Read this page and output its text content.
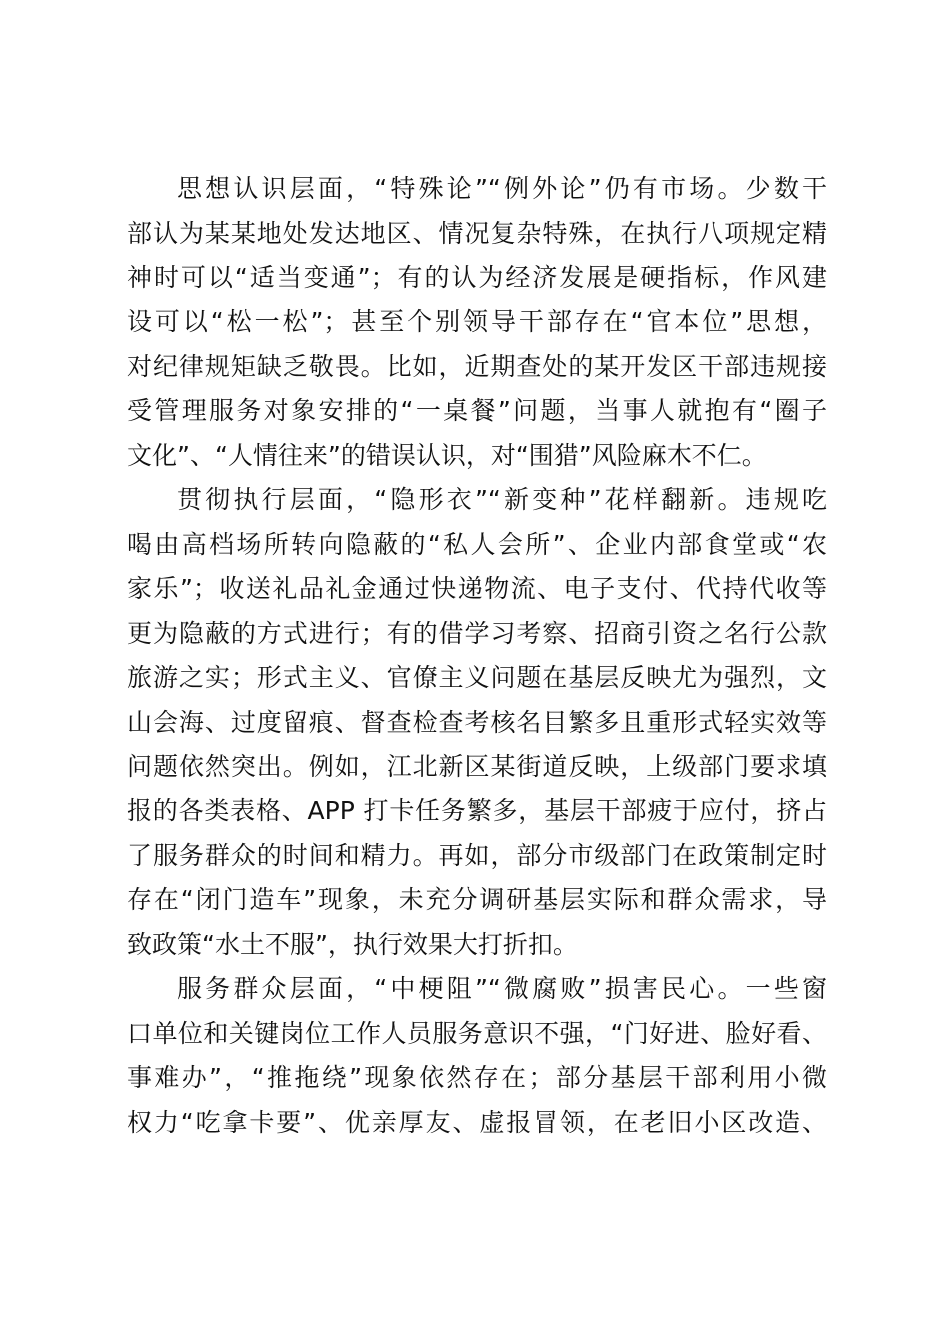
思想认识层面，“特殊论”“例外论”仍有市场。少数干
部认为某某地处发达地区、情况复杂特殊，在执行八项规定精
神时可以“适当变通”；有的认为经济发展是硬指标，作风建
设可以“松一松”；甚至个别领导干部存在“官本位”思想，
对纪律规矩缺乏敬畏。比如，近期查处的某开发区干部违规接
受管理服务对象安排的“一桌餐”问题，当事人就抱有“圈子
文化”、“人情往来”的错误认识，对“围猎”风险麻木不仁。
贯彻执行层面，“隐形衣”“新变种”花样翻新。违规吃
喝由高档场所转向隐蔽的“私人会所”、企业内部食堂或“农
家乐”；收送礼品礼金通过快递物流、电子支付、代持代收等
更为隐蔽的方式进行；有的借学习考察、招商引资之名行公款
旅游之实；形式主义、官僚主义问题在基层反映尤为强烈，文
山会海、过度留痕、督查检查考核名目繁多且重形式轻实效等
问题依然突出。例如，江北新区某街道反映，上级部门要求填
报的各类表格、APP 打卡任务繁多，基层干部疲于应付，挤占
了服务群众的时间和精力。再如，部分市级部门在政策制定时
存在“闭门造车”现象，未充分调研基层实际和群众需求，导
致政策“水土不服”，执行效果大打折扣。
服务群众层面，“中梗阻”“微腐败”损害民心。一些窗
口单位和关键岗位工作人员服务意识不强，“门好进、脸好看、
事难办”，“推拖绕”现象依然存在；部分基层干部利用小微
权力“吃拿卡要”、优亲厚友、虚报冒领，在老旧小区改造、
